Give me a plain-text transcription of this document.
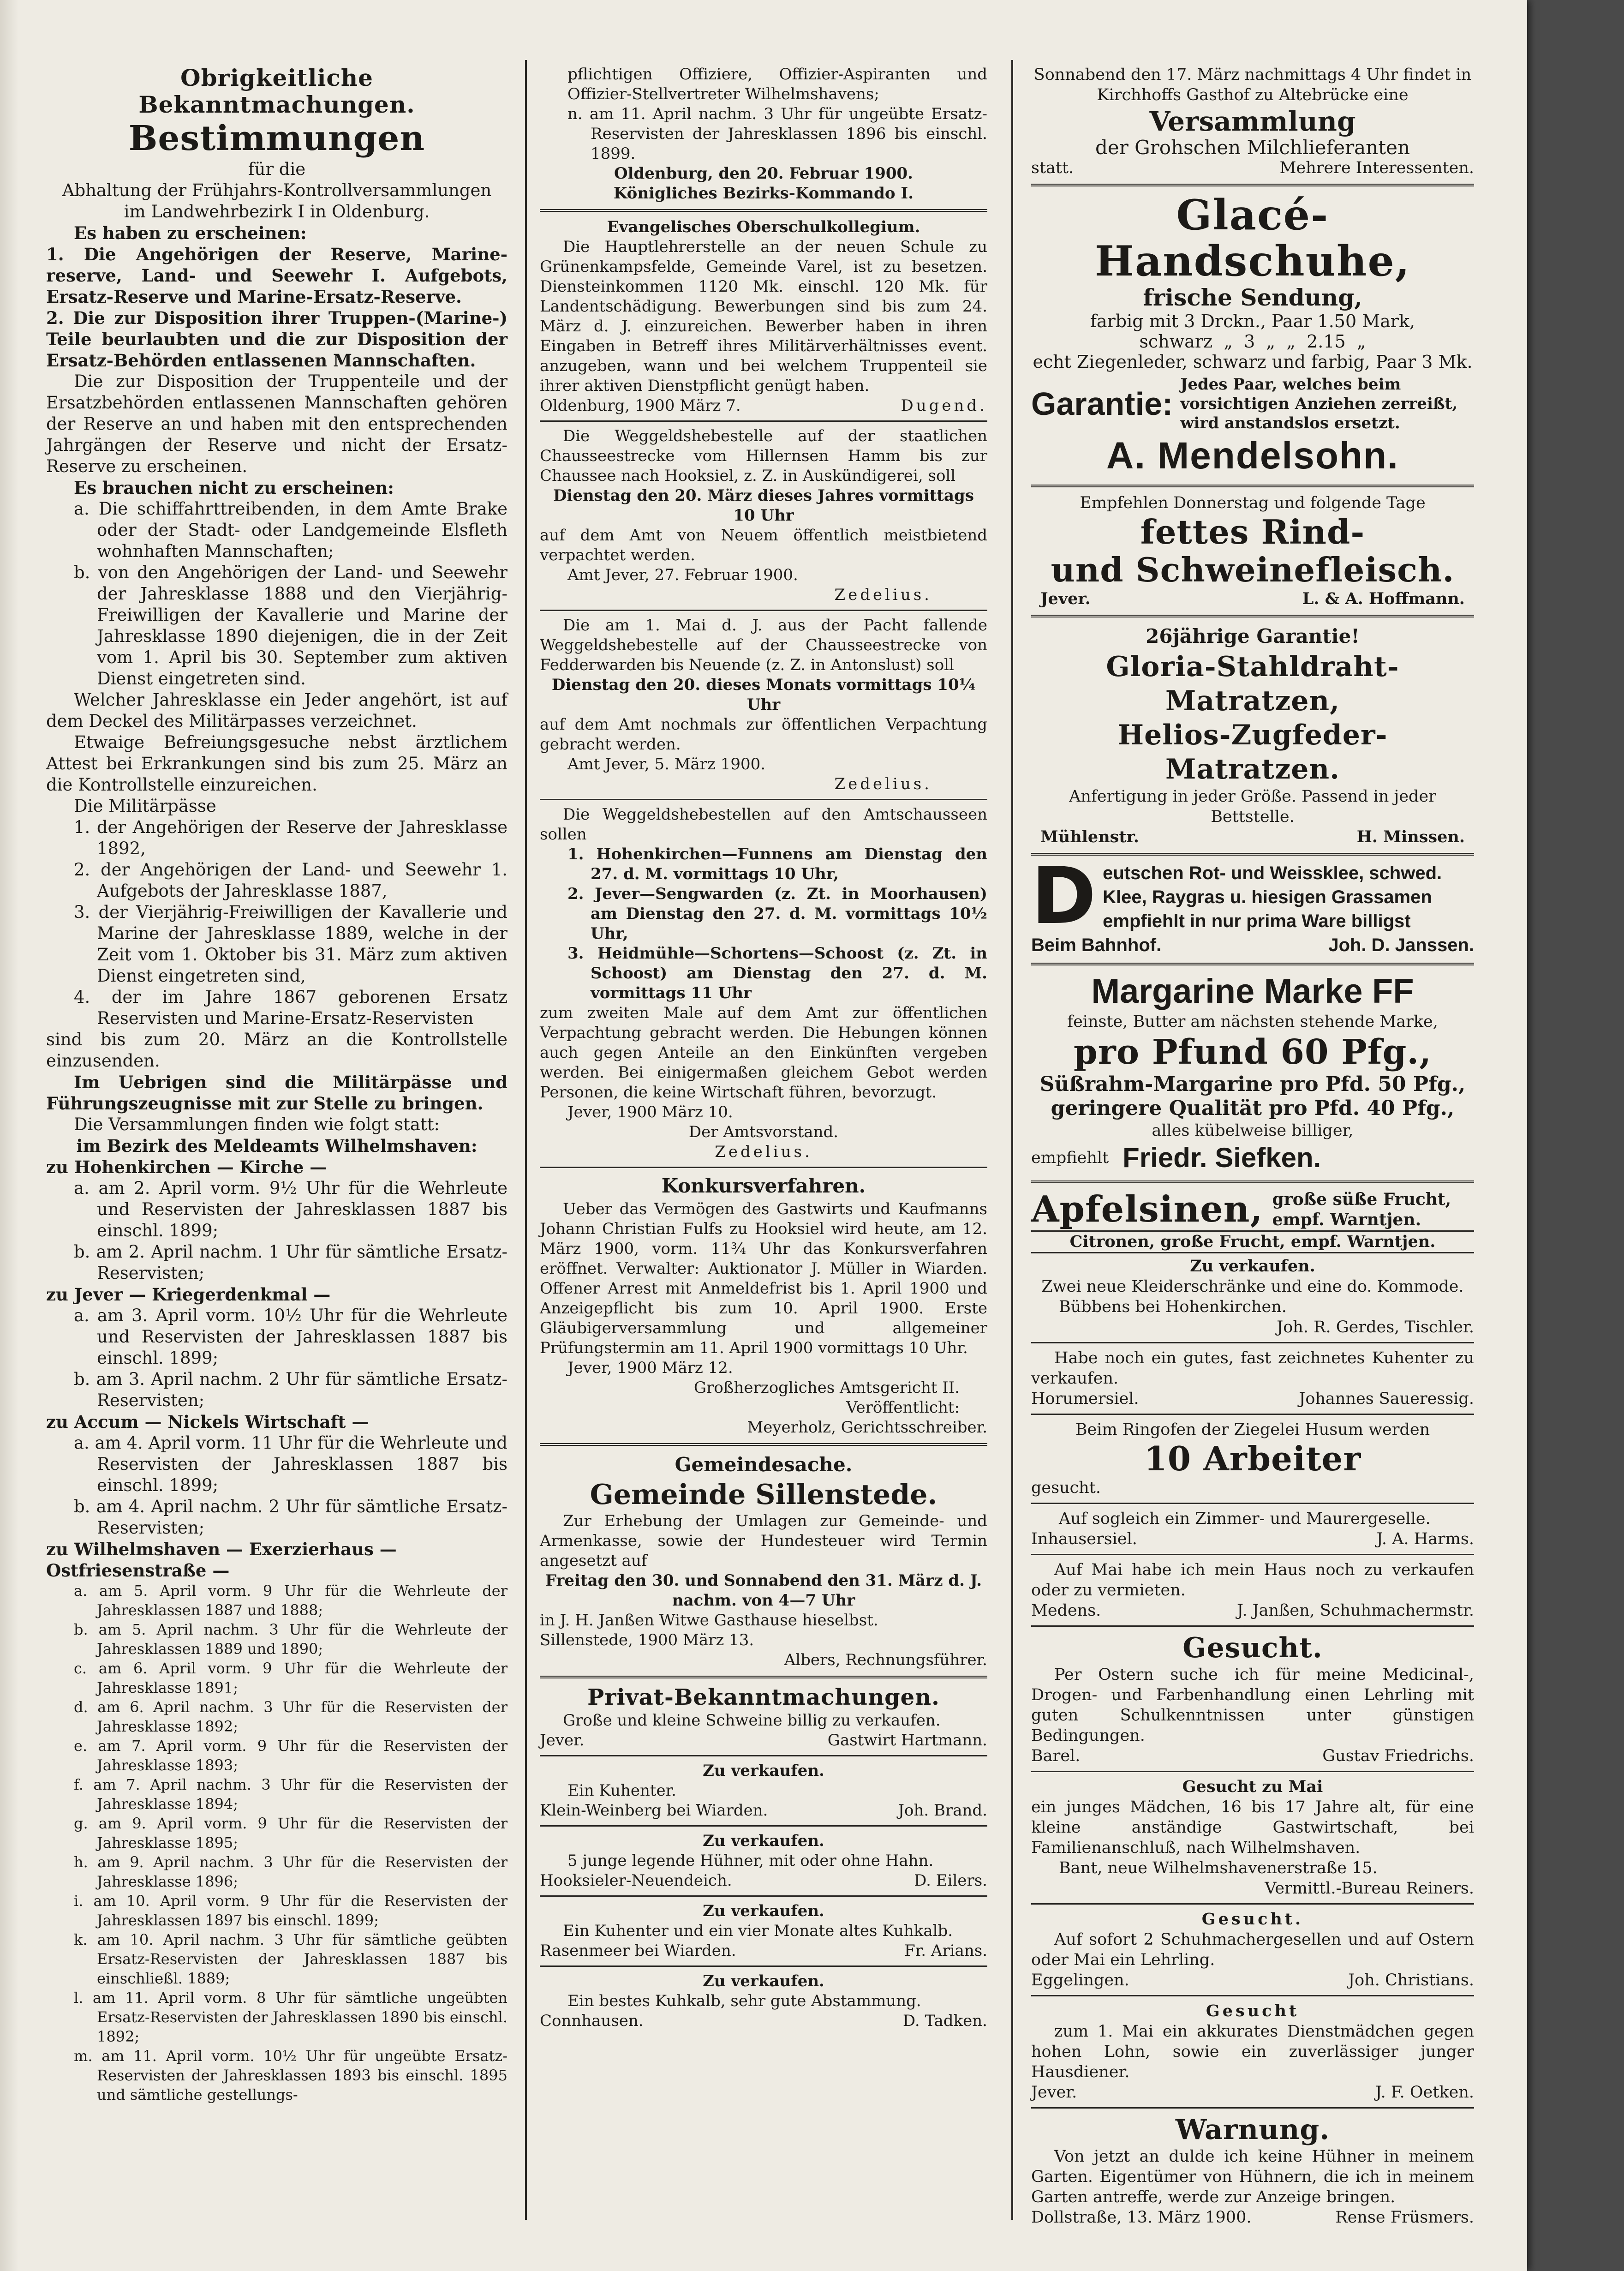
Obrigkeitliche Bekanntmachungen.
Bestimmungen
für die
Abhaltung der Frühjahrs-Kontrollversammlungen
im Landwehrbezirk I in Oldenburg.
Es haben zu erscheinen:
1. Die Angehörigen der Reserve, Marine-reserve, Land- und Seewehr I. Aufgebots, Ersatz-Reserve und Marine-Ersatz-Reserve.
2. Die zur Disposition ihrer Truppen-(Marine-) Teile beurlaubten und die zur Disposition der Ersatz-Behörden entlassenen Mannschaften.
Die zur Disposition der Truppenteile und der Ersatzbehörden entlassenen Mannschaften gehören der Reserve an und haben mit den entsprechenden Jahrgängen der Reserve und nicht der Ersatz-Reserve zu erscheinen.
Es brauchen nicht zu erscheinen:
a. Die schiffahrttreibenden, in dem Amte Brake oder der Stadt- oder Landgemeinde Elsfleth wohnhaften Mannschaften;
b. von den Angehörigen der Land- und Seewehr der Jahresklasse 1888 und den Vierjährig-Freiwilligen der Kavallerie und Marine der Jahresklasse 1890 diejenigen, die in der Zeit vom 1. April bis 30. September zum aktiven Dienst eingetreten sind.
Welcher Jahresklasse ein Jeder angehört, ist auf dem Deckel des Militärpasses verzeichnet.
Etwaige Befreiungsgesuche nebst ärztlichem Attest bei Erkrankungen sind bis zum 25. März an die Kontrollstelle einzureichen.
Die Militärpässe
1. der Angehörigen der Reserve der Jahresklasse 1892,
2. der Angehörigen der Land- und Seewehr 1. Aufgebots der Jahresklasse 1887,
3. der Vierjährig-Freiwilligen der Kavallerie und Marine der Jahresklasse 1889, welche in der Zeit vom 1. Oktober bis 31. März zum aktiven Dienst eingetreten sind,
4. der im Jahre 1867 geborenen Ersatz Reservisten und Marine-Ersatz-Reservisten
sind bis zum 20. März an die Kontrollstelle einzusenden.
Im Uebrigen sind die Militärpässe und Führungszeugnisse mit zur Stelle zu bringen.
Die Versammlungen finden wie folgt statt:
im Bezirk des Meldeamts Wilhelmshaven:
zu Hohenkirchen — Kirche —
a. am 2. April vorm. 9½ Uhr für die Wehrleute und Reservisten der Jahresklassen 1887 bis einschl. 1899;
b. am 2. April nachm. 1 Uhr für sämtliche Ersatz-Reservisten;
zu Jever — Kriegerdenkmal —
a. am 3. April vorm. 10½ Uhr für die Wehrleute und Reservisten der Jahresklassen 1887 bis einschl. 1899;
b. am 3. April nachm. 2 Uhr für sämtliche Ersatz-Reservisten;
zu Accum — Nickels Wirtschaft —
a. am 4. April vorm. 11 Uhr für die Wehrleute und Reservisten der Jahresklassen 1887 bis einschl. 1899;
b. am 4. April nachm. 2 Uhr für sämtliche Ersatz-Reservisten;
zu Wilhelmshaven — Exerzierhaus — Ostfriesenstraße —
a. am 5. April vorm. 9 Uhr für die Wehrleute der Jahresklassen 1887 und 1888;
b. am 5. April nachm. 3 Uhr für die Wehrleute der Jahresklassen 1889 und 1890;
c. am 6. April vorm. 9 Uhr für die Wehrleute der Jahresklasse 1891;
d. am 6. April nachm. 3 Uhr für die Reservisten der Jahresklasse 1892;
e. am 7. April vorm. 9 Uhr für die Reservisten der Jahresklasse 1893;
f. am 7. April nachm. 3 Uhr für die Reservisten der Jahresklasse 1894;
g. am 9. April vorm. 9 Uhr für die Reservisten der Jahresklasse 1895;
h. am 9. April nachm. 3 Uhr für die Reservisten der Jahresklasse 1896;
i. am 10. April vorm. 9 Uhr für die Reservisten der Jahresklassen 1897 bis einschl. 1899;
k. am 10. April nachm. 3 Uhr für sämtliche geübten Ersatz-Reservisten der Jahresklassen 1887 bis einschließl. 1889;
l. am 11. April vorm. 8 Uhr für sämtliche ungeübten Ersatz-Reservisten der Jahresklassen 1890 bis einschl. 1892;
m. am 11. April vorm. 10½ Uhr für ungeübte Ersatz-Reservisten der Jahresklassen 1893 bis einschl. 1895 und sämtliche gestellungs-
pflichtigen Offiziere, Offizier-Aspiranten und Offizier-Stellvertreter Wilhelmshavens;
n. am 11. April nachm. 3 Uhr für ungeübte Ersatz-Reservisten der Jahresklassen 1896 bis einschl. 1899.
Oldenburg, den 20. Februar 1900.
Königliches Bezirks-Kommando I.
Evangelisches Oberschulkollegium.
Die Hauptlehrerstelle an der neuen Schule zu Grünenkampsfelde, Gemeinde Varel, ist zu besetzen. Diensteinkommen 1120 Mk. einschl. 120 Mk. für Landentschädigung. Bewerbungen sind bis zum 24. März d. J. einzureichen. Bewerber haben in ihren Eingaben in Betreff ihres Militärverhältnisses event. anzugeben, wann und bei welchem Truppenteil sie ihrer aktiven Dienstpflicht genügt haben.
Oldenburg, 1900 März 7.	Dugend.
Die Weggeldshebestelle auf der staatlichen Chausseestrecke vom Hillernsen Hamm bis zur Chaussee nach Hooksiel, z. Z. in Auskündigerei, soll
Dienstag den 20. März dieses Jahres vormittags 10 Uhr
auf dem Amt von Neuem öffentlich meistbietend verpachtet werden.
Amt Jever, 27. Februar 1900.
Zedelius.
Die am 1. Mai d. J. aus der Pacht fallende Weggeldshebestelle auf der Chausseestrecke von Fedderwarden bis Neuende (z. Z. in Antonslust) soll
Dienstag den 20. dieses Monats vormittags 10¼ Uhr
auf dem Amt nochmals zur öffentlichen Verpachtung gebracht werden.
Amt Jever, 5. März 1900.
Zedelius.
Die Weggeldshebestellen auf den Amtschausseen sollen
1. Hohenkirchen—Funnens am Dienstag den 27. d. M. vormittags 10 Uhr,
2. Jever—Sengwarden (z. Zt. in Moorhausen) am Dienstag den 27. d. M. vormittags 10½ Uhr,
3. Heidmühle—Schortens—Schoost (z. Zt. in Schoost) am Dienstag den 27. d. M. vormittags 11 Uhr
zum zweiten Male auf dem Amt zur öffentlichen Verpachtung gebracht werden. Die Hebungen können auch gegen Anteile an den Einkünften vergeben werden. Bei einigermaßen gleichem Gebot werden Personen, die keine Wirtschaft führen, bevorzugt.
Jever, 1900 März 10.
Der Amtsvorstand.
Zedelius.
Konkursverfahren.
Ueber das Vermögen des Gastwirts und Kaufmanns Johann Christian Fulfs zu Hooksiel wird heute, am 12. März 1900, vorm. 11¾ Uhr das Konkursverfahren eröffnet. Verwalter: Auktionator J. Müller in Wiarden. Offener Arrest mit Anmeldefrist bis 1. April 1900 und Anzeigepflicht bis zum 10. April 1900. Erste Gläubigerversammlung und allgemeiner Prüfungstermin am 11. April 1900 vormittags 10 Uhr.
Jever, 1900 März 12.
Großherzogliches Amtsgericht II.
Veröffentlicht:
Meyerholz, Gerichtsschreiber.
Gemeindesache.
Gemeinde Sillenstede.
Zur Erhebung der Umlagen zur Gemeinde- und Armenkasse, sowie der Hundesteuer wird Termin angesetzt auf
Freitag den 30. und Sonnabend den 31. März d. J. nachm. von 4—7 Uhr
in J. H. Janßen Witwe Gasthause hieselbst.
Sillenstede, 1900 März 13.
Albers, Rechnungsführer.
Privat-Bekanntmachungen.
Große und kleine Schweine billig zu verkaufen.
Jever.	Gastwirt Hartmann.
Zu verkaufen.
Ein Kuhenter.
Klein-Weinberg bei Wiarden.	Joh. Brand.
Zu verkaufen.
5 junge legende Hühner, mit oder ohne Hahn.
Hooksieler-Neuendeich.	D. Eilers.
Zu verkaufen.
Ein Kuhenter und ein vier Monate altes Kuhkalb.
Rasenmeer bei Wiarden.	Fr. Arians.
Zu verkaufen.
Ein bestes Kuhkalb, sehr gute Abstammung.
Connhausen.	D. Tadken.
Sonnabend den 17. März nachmittags 4 Uhr findet in Kirchhoffs Gasthof zu Altebrücke eine
Versammlung
der Grohschen Milchlieferanten
statt.	Mehrere Interessenten.
Glacé-Handschuhe,
frische Sendung,
farbig mit 3 Drckn., Paar 1.50 Mark,
schwarz  „  3  „  „  2.15  „
echt Ziegenleder, schwarz und farbig, Paar 3 Mk.
Garantie:
Jedes Paar, welches beim vorsichtigen Anziehen zerreißt, wird anstandslos ersetzt.
A. Mendelsohn.
Empfehlen Donnerstag und folgende Tage
fettes Rind-
und Schweinefleisch.
Jever.	L. & A. Hoffmann.
26jährige Garantie!
Gloria-Stahldraht-Matratzen,
Helios-Zugfeder-Matratzen.
Anfertigung in jeder Größe. Passend in jeder Bettstelle.
Mühlenstr.	H. Minssen.
Deutschen Rot- und Weissklee, schwed. Klee, Raygras u. hiesigen Grassamen empfiehlt in nur prima Ware billigst
Beim Bahnhof.	Joh. D. Janssen.
Margarine Marke FF
feinste, Butter am nächsten stehende Marke,
pro Pfund 60 Pfg.,
Süßrahm-Margarine pro Pfd. 50 Pfg.,
geringere Qualität pro Pfd. 40 Pfg.,
alles kübelweise billiger,
empfiehlt Friedr. Siefken.
Apfelsinen, große süße Frucht,
empf. Warntjen.
Citronen, große Frucht, empf. Warntjen.
Zu verkaufen.
Zwei neue Kleiderschränke und eine do. Kommode.
Bübbens bei Hohenkirchen.
Joh. R. Gerdes, Tischler.
Habe noch ein gutes, fast zeichnetes Kuhenter zu verkaufen.
Horumersiel.	Johannes Saueressig.
Beim Ringofen der Ziegelei Husum werden
10 Arbeiter
gesucht.
Auf sogleich ein Zimmer- und Maurergeselle.
Inhausersiel.	J. A. Harms.
Auf Mai habe ich mein Haus noch zu verkaufen oder zu vermieten.
Medens.	J. Janßen, Schuhmachermstr.
Gesucht.
Per Ostern suche ich für meine Medicinal-, Drogen- und Farbenhandlung einen Lehrling mit guten Schulkenntnissen unter günstigen Bedingungen.
Barel.	Gustav Friedrichs.
Gesucht zu Mai
ein junges Mädchen, 16 bis 17 Jahre alt, für eine kleine anständige Gastwirtschaft, bei Familienanschluß, nach Wilhelmshaven.
Bant, neue Wilhelmshavenerstraße 15.
Vermittl.-Bureau Reiners.
Gesucht.
Auf sofort 2 Schuhmachergesellen und auf Ostern oder Mai ein Lehrling.
Eggelingen.	Joh. Christians.
Gesucht
zum 1. Mai ein akkurates Dienstmädchen gegen hohen Lohn, sowie ein zuverlässiger junger Hausdiener.
Jever.	J. F. Oetken.
Warnung.
Von jetzt an dulde ich keine Hühner in meinem Garten. Eigentümer von Hühnern, die ich in meinem Garten antreffe, werde zur Anzeige bringen.
Dollstraße, 13. März 1900.	Rense Früsmers.
